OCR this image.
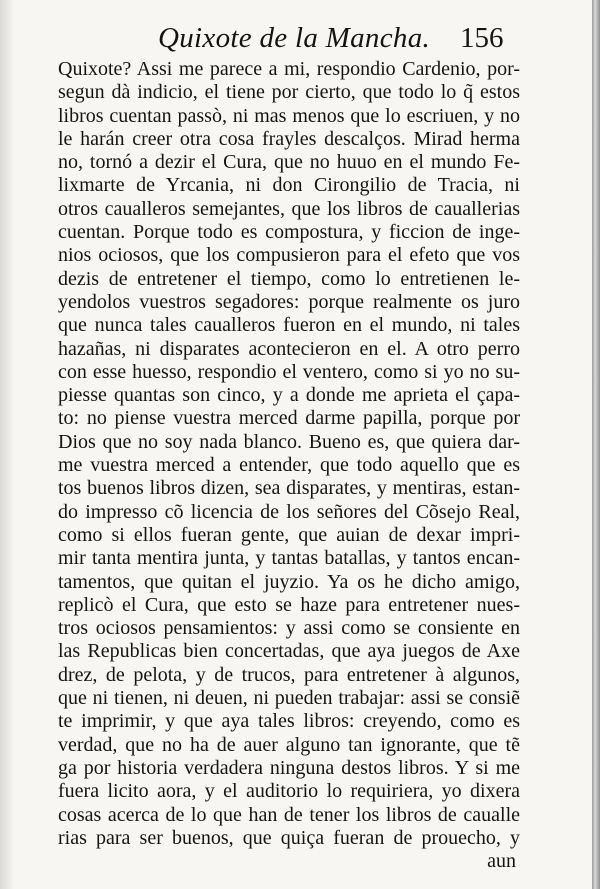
Quixote de la Mancha. 156
Quixote? Assi me parece a mi, respondio Cardenio, por-
segun dà indicio, el tiene por cierto, que todo lo q̃ estos
libros cuentan passò, ni mas menos que lo escriuen, y no
le harán creer otra cosa frayles descalços. Mirad herma
no, tornó a dezir el Cura, que no huuo en el mundo Fe-
lixmarte de Yrcania, ni don Cirongilio de Tracia, ni
otros caualleros semejantes, que los libros de cauallerias
cuentan. Porque todo es compostura, y ficcion de inge-
nios ociosos, que los compusieron para el efeto que vos
dezis de entretener el tiempo, como lo entretienen le-
yendolos vuestros segadores: porque realmente os juro
que nunca tales caualleros fueron en el mundo, ni tales
hazañas, ni disparates acontecieron en el. A otro perro
con esse huesso, respondio el ventero, como si yo no su-
piesse quantas son cinco, y a donde me aprieta el çapa-
to: no piense vuestra merced darme papilla, porque por
Dios que no soy nada blanco. Bueno es, que quiera dar-
me vuestra merced a entender, que todo aquello que es
tos buenos libros dizen, sea disparates, y mentiras, estan-
do impresso cõ licencia de los señores del Cõsejo Real,
como si ellos fueran gente, que auian de dexar impri-
mir tanta mentira junta, y tantas batallas, y tantos encan-
tamentos, que quitan el juyzio. Ya os he dicho amigo,
replicò el Cura, que esto se haze para entretener nues-
tros ociosos pensamientos: y assi como se consiente en
las Republicas bien concertadas, que aya juegos de Axe
drez, de pelota, y de trucos, para entretener à algunos,
que ni tienen, ni deuen, ni pueden trabajar: assi se consiẽ
te imprimir, y que aya tales libros: creyendo, como es
verdad, que no ha de auer alguno tan ignorante, que tẽ
ga por historia verdadera ninguna destos libros. Y si me
fuera licito aora, y el auditorio lo requiriera, yo dixera
cosas acerca de lo que han de tener los libros de caualle
rias para ser buenos, que quiça fueran de prouecho, y
aun
